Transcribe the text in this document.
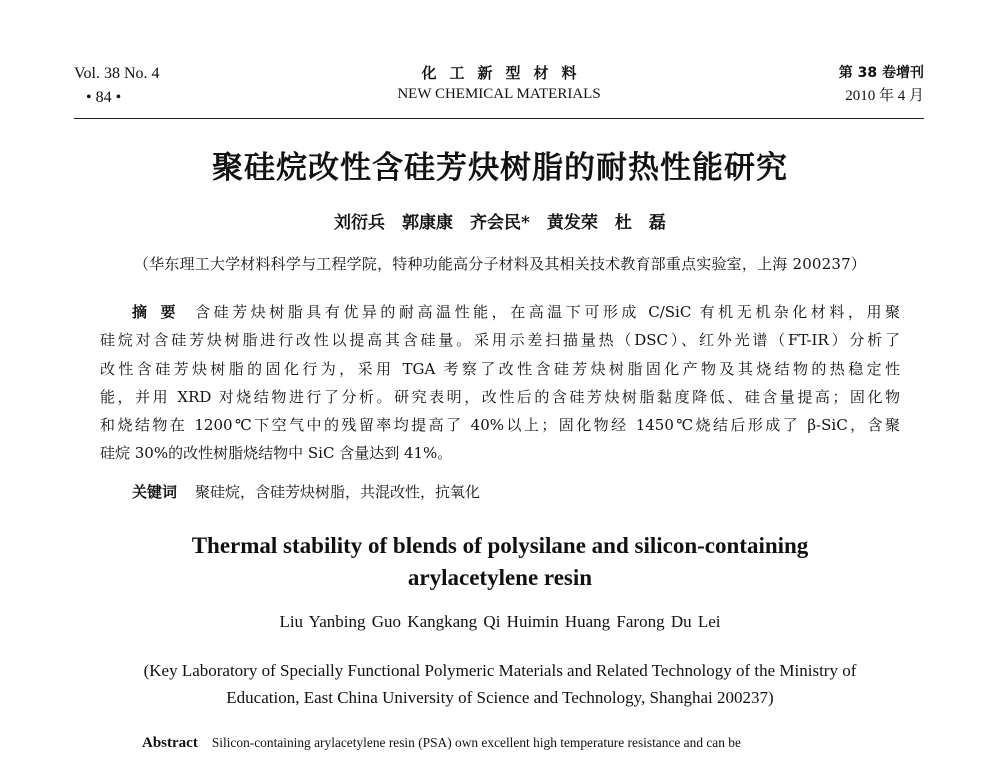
Vol. 38 No. 4
• 84 •
化工新型材料
NEW CHEMICAL MATERIALS
第 38 卷增刊
2010 年 4 月
聚硅烷改性含硅芳炔树脂的耐热性能研究
刘衍兵　郭康康　齐会民*　黄发荣　杜　磊
（华东理工大学材料科学与工程学院，特种功能高分子材料及其相关技术教育部重点实验室，上海 200237）
摘要 含硅芳炔树脂具有优异的耐高温性能，在高温下可形成 C/SiC 有机无机杂化材料，用聚
硅烷对含硅芳炔树脂进行改性以提高其含硅量。采用示差扫描量热（DSC）、红外光谱（FT-IR）分析了
改性含硅芳炔树脂的固化行为，采用 TGA 考察了改性含硅芳炔树脂固化产物及其烧结物的热稳定性
能，并用 XRD 对烧结物进行了分析。研究表明，改性后的含硅芳炔树脂黏度降低、硅含量提高；固化物
和烧结物在 1200℃下空气中的残留率均提高了 40%以上；固化物经 1450℃烧结后形成了 β-SiC，含聚
硅烷 30%的改性树脂烧结物中 SiC 含量达到 41%。
关键词 聚硅烷，含硅芳炔树脂，共混改性，抗氧化
Thermal stability of blends of polysilane and silicon-containing
arylacetylene resin
Liu Yanbing Guo Kangkang Qi Huimin Huang Farong Du Lei
(Key Laboratory of Specially Functional Polymeric Materials and Related Technology of the Ministry of
Education, East China University of Science and Technology, Shanghai 200237)
Abstract Silicon-containing arylacetylene resin (PSA) own excellent high temperature resistance and can be
